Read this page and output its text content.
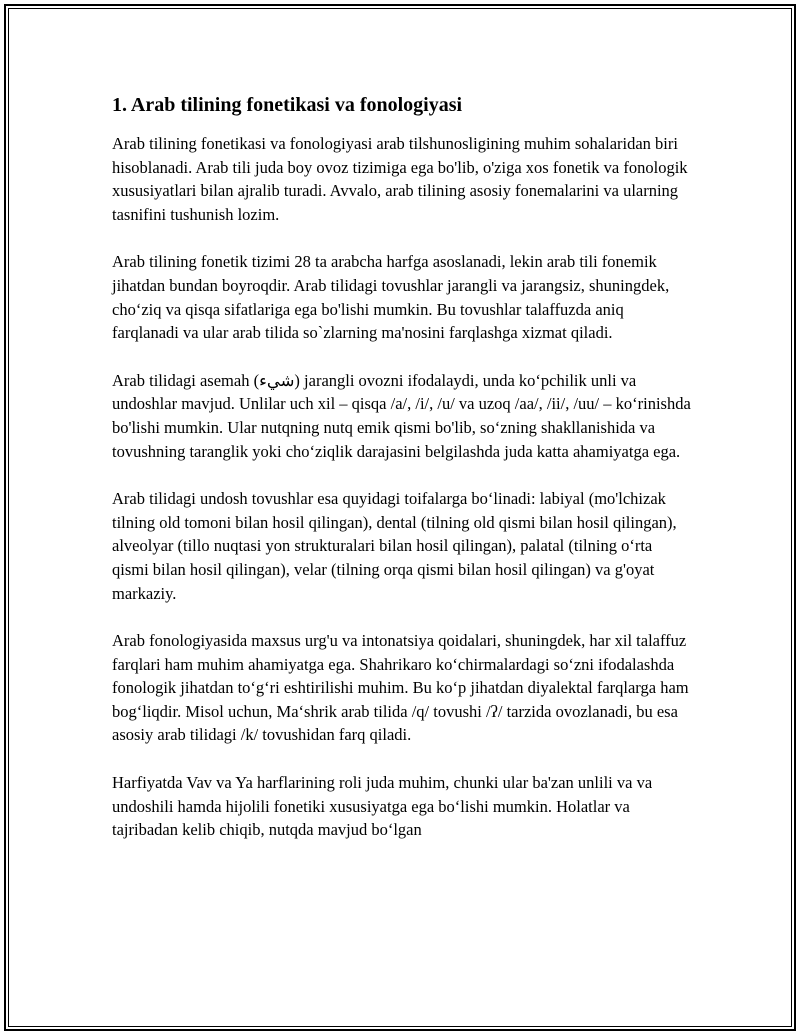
1. Arab tilining fonetikasi va fonologiyasi

Arab tilining fonetikasi va fonologiyasi arab tilshunosligining muhim sohalaridan biri hisoblanadi. Arab tili juda boy ovoz tizimiga ega bo'lib, o'ziga xos fonetik va fonologik xususiyatlari bilan ajralib turadi. Avvalo, arab tilining asosiy fonemalarini va ularning tasnifini tushunish lozim.

Arab tilining fonetik tizimi 28 ta arabcha harfga asoslanadi, lekin arab tili fonemik jihatdan bundan boyroqdir. Arab tilidagi tovushlar jarangli va jarangsiz, shuningdek, cho‘ziq va qisqa sifatlariga ega bo'lishi mumkin. Bu tovushlar talaffuzda aniq farqlanadi va ular arab tilida so`zlarning ma'nosini farqlashga xizmat qiladi.

Arab tilidagi asemah (شيء) jarangli ovozni ifodalaydi, unda ko‘pchilik unli va undoshlar mavjud. Unlilar uch xil – qisqa /a/, /i/, /u/ va uzoq /aa/, /ii/, /uu/ – ko‘rinishda bo'lishi mumkin. Ular nutqning nutq emik qismi bo'lib, so‘zning shakllanishida va tovushning taranglik yoki cho‘ziqlik darajasini belgilashda juda katta ahamiyatga ega.

Arab tilidagi undosh tovushlar esa quyidagi toifalarga bo‘linadi: labiyal (mo'lchizak tilning old tomoni bilan hosil qilingan), dental (tilning old qismi bilan hosil qilingan), alveolyar (tillo nuqtasi yon strukturalari bilan hosil qilingan), palatal (tilning o‘rta qismi bilan hosil qilingan), velar (tilning orqa qismi bilan hosil qilingan) va g'oyat markaziy.

Arab fonologiyasida maxsus urg'u va intonatsiya qoidalari, shuningdek, har xil talaffuz farqlari ham muhim ahamiyatga ega. Shahrikaro ko‘chirmalardagi so‘zni ifodalashda fonologik jihatdan to‘g‘ri eshtirilishi muhim. Bu ko‘p jihatdan diyalektal farqlarga ham bog‘liqdir. Misol uchun, Ma‘shrik arab tilida /q/ tovushi /ʔ/ tarzida ovozlanadi, bu esa asosiy arab tilidagi /k/ tovushidan farq qiladi.

Harfiyatda Vav va Ya harflarining roli juda muhim, chunki ular ba'zan unlili va va undoshili hamda hijolili fonetiki xususiyatga ega bo‘lishi mumkin. Holatlar va tajribadan kelib chiqib, nutqda mavjud bo‘lgan
